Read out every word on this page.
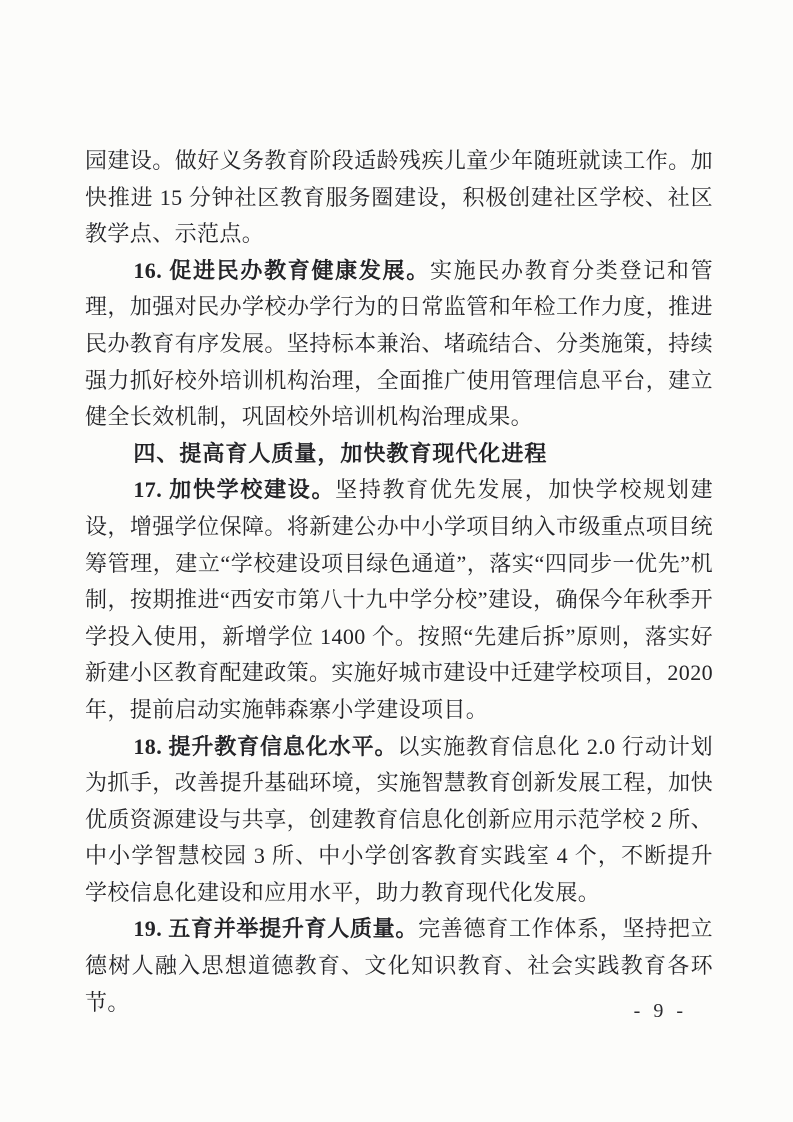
园建设。做好义务教育阶段适龄残疾儿童少年随班就读工作。加快推进 15 分钟社区教育服务圈建设，积极创建社区学校、社区教学点、示范点。

16. 促进民办教育健康发展。实施民办教育分类登记和管理，加强对民办学校办学行为的日常监管和年检工作力度，推进民办教育有序发展。坚持标本兼治、堵疏结合、分类施策，持续强力抓好校外培训机构治理，全面推广使用管理信息平台，建立健全长效机制，巩固校外培训机构治理成果。

四、提高育人质量，加快教育现代化进程

17. 加快学校建设。坚持教育优先发展，加快学校规划建设，增强学位保障。将新建公办中小学项目纳入市级重点项目统筹管理，建立“学校建设项目绿色通道”，落实“四同步一优先”机制，按期推进“西安市第八十九中学分校”建设，确保今年秋季开学投入使用，新增学位 1400 个。按照“先建后拆”原则，落实好新建小区教育配建政策。实施好城市建设中迁建学校项目，2020 年，提前启动实施韩森寨小学建设项目。

18. 提升教育信息化水平。以实施教育信息化 2.0 行动计划为抓手，改善提升基础环境，实施智慧教育创新发展工程，加快优质资源建设与共享，创建教育信息化创新应用示范学校 2 所、中小学智慧校园 3 所、中小学创客教育实践室 4 个，不断提升学校信息化建设和应用水平，助力教育现代化发展。

19. 五育并举提升育人质量。完善德育工作体系，坚持把立德树人融入思想道德教育、文化知识教育、社会实践教育各环节。	- 9 -
